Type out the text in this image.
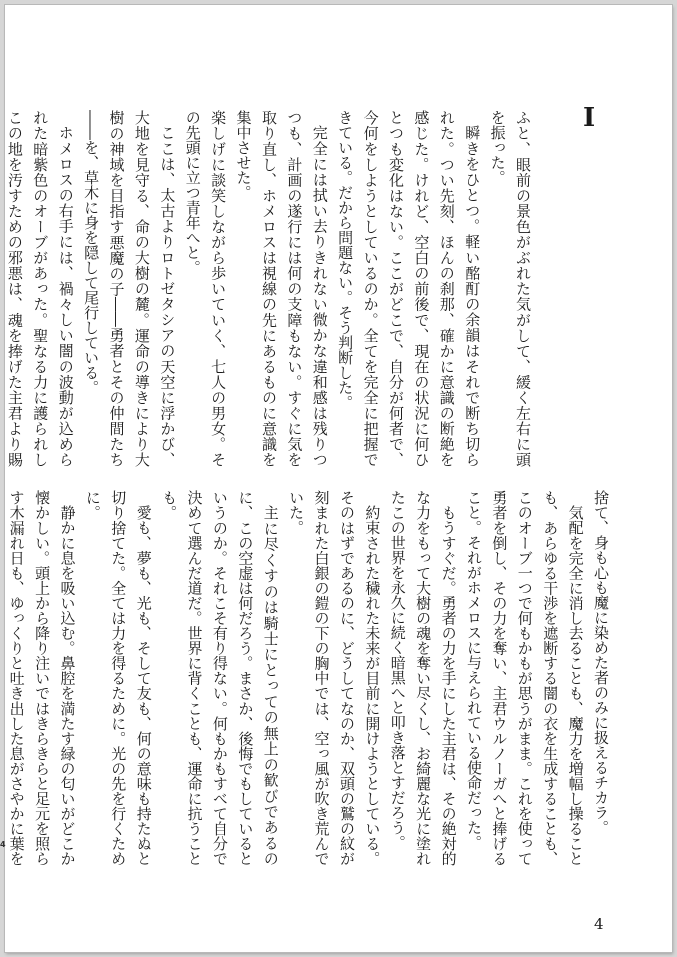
I

ふと、眼前の景色がぶれた気がして、緩く左右に頭を振った。

瞬きをひとつ。軽い酩酊の余韻はそれで断ち切られた。つい先刻、ほんの刹那、確かに意識の断絶を感じた。けれど、空白の前後で、現在の状況に何ひとつも変化はない。ここがどこで、自分が何者で、今何をしようとしているのか。全てを完全に把握できている。だから問題ない。そう判断した。

完全には拭い去りきれない微かな違和感は残りつつも、計画の遂行には何の支障もない。すぐに気を取り直し、ホメロスは視線の先にあるものに意識を集中させた。

楽しげに談笑しながら歩いていく、七人の男女。その先頭に立つ青年へと。

ここは、太古よりロトゼタシアの天空に浮かび、大地を見守る、命の大樹の麓。運命の導きにより大樹の神域を目指す悪魔の子――勇者とその仲間たち――を、草木に身を隠して尾行している。

ホメロスの右手には、禍々しい闇の波動が込められた暗紫色のオーブがあった。聖なる力に護られしこの地を汚すための邪悪は、魂を捧げた主君より賜

捨て、身も心も魔に染めた者のみに扱えるチカラ。

気配を完全に消し去ることも、魔力を増幅し操ることも、あらゆる干渉を遮断する闇の衣を生成することも、このオーブ一つで何もかもが思うがまま。これを使って勇者を倒し、その力を奪い、主君ウルノーガへと捧げること。それがホメロスに与えられている使命だった。

もうすぐだ。勇者の力を手にした主君は、その絶対的な力をもって大樹の魂を奪い尽くし、お綺麗な光に塗れたこの世界を永久に続く暗黒へと叩き落とすだろう。

約束された穢れた未来が目前に開けようとしている。そのはずであるのに、どうしてなのか、双頭の鷲の紋が刻まれた白銀の鎧の下の胸中では、空っ風が吹き荒んでいた。

主に尽くすのは騎士にとっての無上の歓びであるのに、この空虚は何だろう。まさか、後悔でもしているというのか。それこそ有り得ない。何もかもすべて自分で決めて選んだ道だ。世界に背くことも、運命に抗うことも。

愛も、夢も、光も、そして友も、何の意味も持たぬと切り捨てた。全ては力を得るために。光の先を行くために。

静かに息を吸い込む。鼻腔を満たす緑の匂いがどこか懐かしい。頭上から降り注いではきらきらと足元を照らす木漏れ日も、ゆっくりと吐き出した息がさやかに葉を

4
4
